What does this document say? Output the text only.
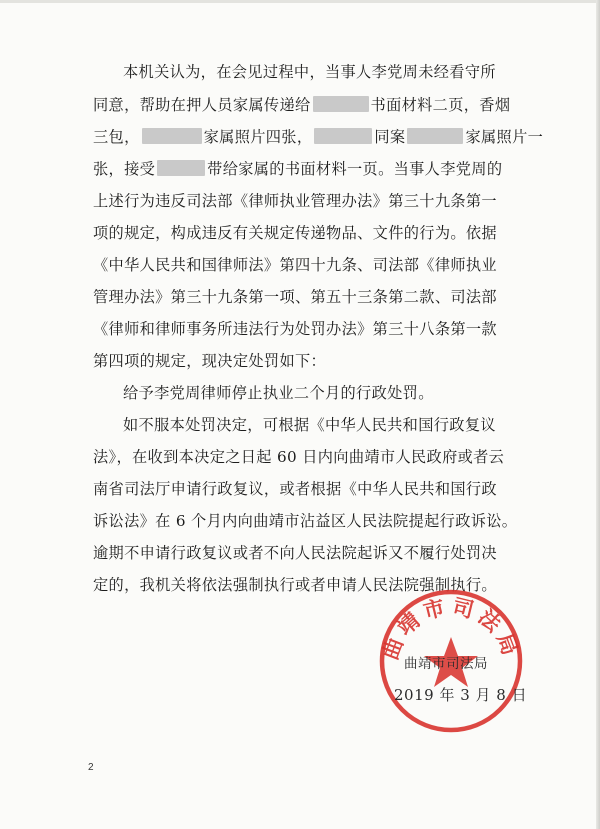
本机关认为，在会见过程中，当事人李党周未经看守所
同意，帮助在押人员家属传递给	书面材料二页，香烟
三包，	家属照片四张，	同案	家属照片一
张，接受	带给家属的书面材料一页。当事人李党周的
上述行为违反司法部《律师执业管理办法》第三十九条第一
项的规定，构成违反有关规定传递物品、文件的行为。依据
《中华人民共和国律师法》第四十九条、司法部《律师执业
管理办法》第三十九条第一项、第五十三条第二款、司法部
《律师和律师事务所违法行为处罚办法》第三十八条第一款
第四项的规定，现决定处罚如下：
给予李党周律师停止执业二个月的行政处罚。
如不服本处罚决定，可根据《中华人民共和国行政复议
法》，在收到本决定之日起 60 日内向曲靖市人民政府或者云
南省司法厅申请行政复议，或者根据《中华人民共和国行政
诉讼法》在 6 个月内向曲靖市沾益区人民法院提起行政诉讼。
逾期不申请行政复议或者不向人民法院起诉又不履行处罚决
定的，我机关将依法强制执行或者申请人民法院强制执行。
曲靖市司法局
曲靖市司法局
2019 年 3 月 8 日
2
